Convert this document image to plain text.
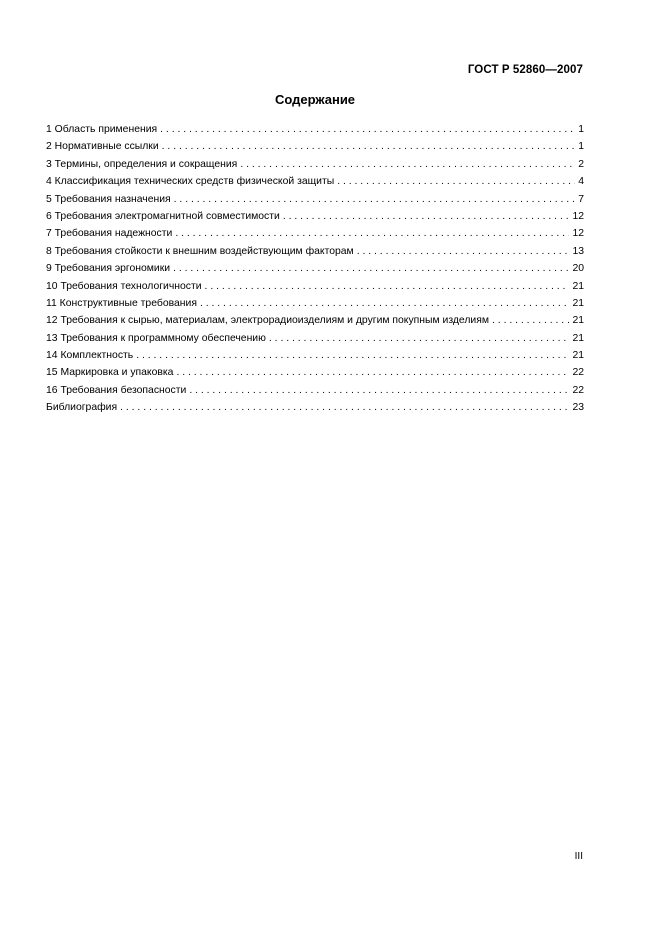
ГОСТ Р 52860—2007
Содержание
1 Область применения . . .	1
2 Нормативные ссылки . . .	1
3 Термины, определения и сокращения . . .	2
4 Классификация технических средств физической защиты . . .	4
5 Требования назначения . . .	7
6 Требования электромагнитной совместимости . . .	12
7 Требования надежности . . .	12
8 Требования стойкости к внешним воздействующим факторам . . .	13
9 Требования эргономики . . .	20
10 Требования технологичности . . .	21
11 Конструктивные требования . . .	21
12 Требования к сырью, материалам, электрорадиоизделиям и другим покупным изделиям . . .	21
13 Требования к программному обеспечению . . .	21
14 Комплектность . . .	21
15 Маркировка и упаковка . . .	22
16 Требования безопасности . . .	22
Библиография . . .	23
III
